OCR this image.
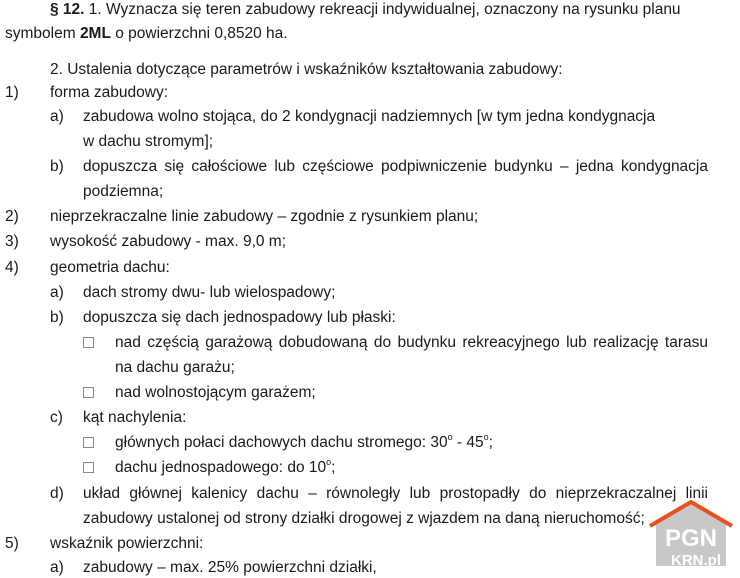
§ 12. 1. Wyznacza się teren zabudowy rekreacji indywidualnej, oznaczony na rysunku planu
symbolem 2ML o powierzchni 0,8520 ha.
2. Ustalenia dotyczące parametrów i wskaźników kształtowania zabudowy:
1) forma zabudowy:
a) zabudowa wolno stojąca, do 2 kondygnacji nadziemnych [w tym jedna kondygnacja
w dachu stromym];
b) dopuszcza się całościowe lub częściowe podpiwniczenie budynku – jedna kondygnacja
podziemna;
2) nieprzekraczalne linie zabudowy – zgodnie z rysunkiem planu;
3) wysokość zabudowy - max. 9,0 m;
4) geometria dachu:
a) dach stromy dwu- lub wielospadowy;
b) dopuszcza się dach jednospadowy lub płaski:
nad częścią garażową dobudowaną do budynku rekreacyjnego lub realizację tarasu
na dachu garażu;
nad wolnostojącym garażem;
c) kąt nachylenia:
głównych połaci dachowych dachu stromego: 30$^o$ - 45$^o$;
dachu jednospadowego: do 10$^o$;
d) układ głównej kalenicy dachu – równoległy lub prostopadły do nieprzekraczalnej linii
zabudowy ustalonej od strony działki drogowej z wjazdem na daną nieruchomość;
5) wskaźnik powierzchni:
a) zabudowy – max. 25% powierzchni działki,
PGN
KRN.pl
